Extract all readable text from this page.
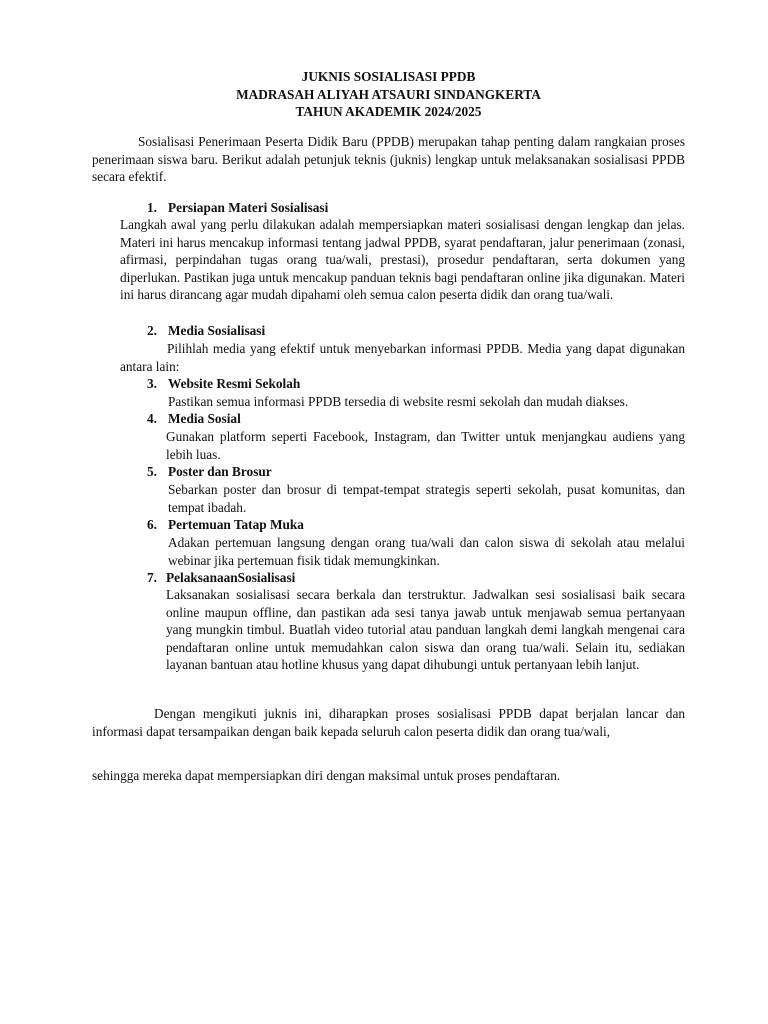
JUKNIS SOSIALISASI PPDB
MADRASAH ALIYAH ATSAURI SINDANGKERTA
TAHUN AKADEMIK 2024/2025

Sosialisasi Penerimaan Peserta Didik Baru (PPDB) merupakan tahap penting dalam rangkaian proses penerimaan siswa baru. Berikut adalah petunjuk teknis (juknis) lengkap untuk melaksanakan sosialisasi PPDB secara efektif.

1. Persiapan Materi Sosialisasi

Langkah awal yang perlu dilakukan adalah mempersiapkan materi sosialisasi dengan lengkap dan jelas. Materi ini harus mencakup informasi tentang jadwal PPDB, syarat pendaftaran, jalur penerimaan (zonasi, afirmasi, perpindahan tugas orang tua/wali, prestasi), prosedur pendaftaran, serta dokumen yang diperlukan. Pastikan juga untuk mencakup panduan teknis bagi pendaftaran online jika digunakan. Materi ini harus dirancang agar mudah dipahami oleh semua calon peserta didik dan orang tua/wali.

2. Media Sosialisasi

Pilihlah media yang efektif untuk menyebarkan informasi PPDB. Media yang dapat digunakan antara lain:

3. Website Resmi Sekolah

Pastikan semua informasi PPDB tersedia di website resmi sekolah dan mudah diakses.

4. Media Sosial

Gunakan platform seperti Facebook, Instagram, dan Twitter untuk menjangkau audiens yang lebih luas.

5. Poster dan Brosur

Sebarkan poster dan brosur di tempat-tempat strategis seperti sekolah, pusat komunitas, dan tempat ibadah.

6. Pertemuan Tatap Muka

Adakan pertemuan langsung dengan orang tua/wali dan calon siswa di sekolah atau melalui webinar jika pertemuan fisik tidak memungkinkan.

7. PelaksanaanSosialisasi

Laksanakan sosialisasi secara berkala dan terstruktur. Jadwalkan sesi sosialisasi baik secara online maupun offline, dan pastikan ada sesi tanya jawab untuk menjawab semua pertanyaan yang mungkin timbul. Buatlah video tutorial atau panduan langkah demi langkah mengenai cara pendaftaran online untuk memudahkan calon siswa dan orang tua/wali. Selain itu, sediakan layanan bantuan atau hotline khusus yang dapat dihubungi untuk pertanyaan lebih lanjut.

Dengan mengikuti juknis ini, diharapkan proses sosialisasi PPDB dapat berjalan lancar dan informasi dapat tersampaikan dengan baik kepada seluruh calon peserta didik dan orang tua/wali,

sehingga mereka dapat mempersiapkan diri dengan maksimal untuk proses pendaftaran.
